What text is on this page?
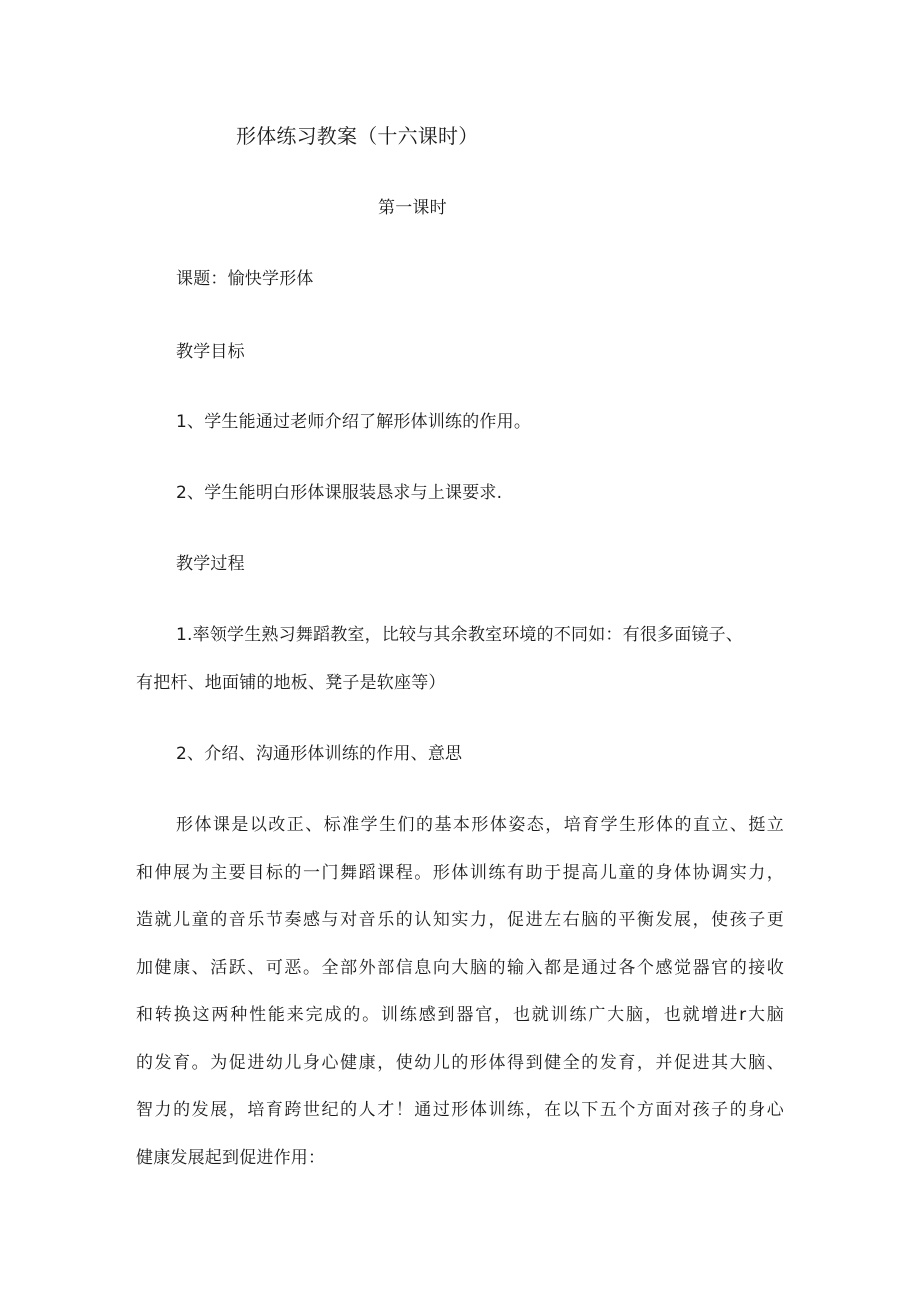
形体练习教案（十六课时）
第一课时
课题：愉快学形体
教学目标
1、学生能通过老师介绍了解形体训练的作用。
2、学生能明白形体课服装恳求与上课要求.
教学过程
1.率领学生熟习舞蹈教室，比较与其余教室环境的不同如：有很多面镜子、
有把杆、地面铺的地板、凳子是软座等）
2、介绍、沟通形体训练的作用、意思
形体课是以改正、标准学生们的基本形体姿态，培育学生形体的直立、挺立
和伸展为主要目标的一门舞蹈课程。形体训练有助于提高儿童的身体协调实力，
造就儿童的音乐节奏感与对音乐的认知实力，促进左右脑的平衡发展，使孩子更
加健康、活跃、可恶。全部外部信息向大脑的输入都是通过各个感觉器官的接收
和转换这两种性能来完成的。训练感到器官，也就训练广大脑，也就增进r大脑
的发育。为促进幼儿身心健康，使幼儿的形体得到健全的发育，并促进其大脑、
智力的发展，培育跨世纪的人才！通过形体训练，在以下五个方面对孩子的身心
健康发展起到促进作用：
